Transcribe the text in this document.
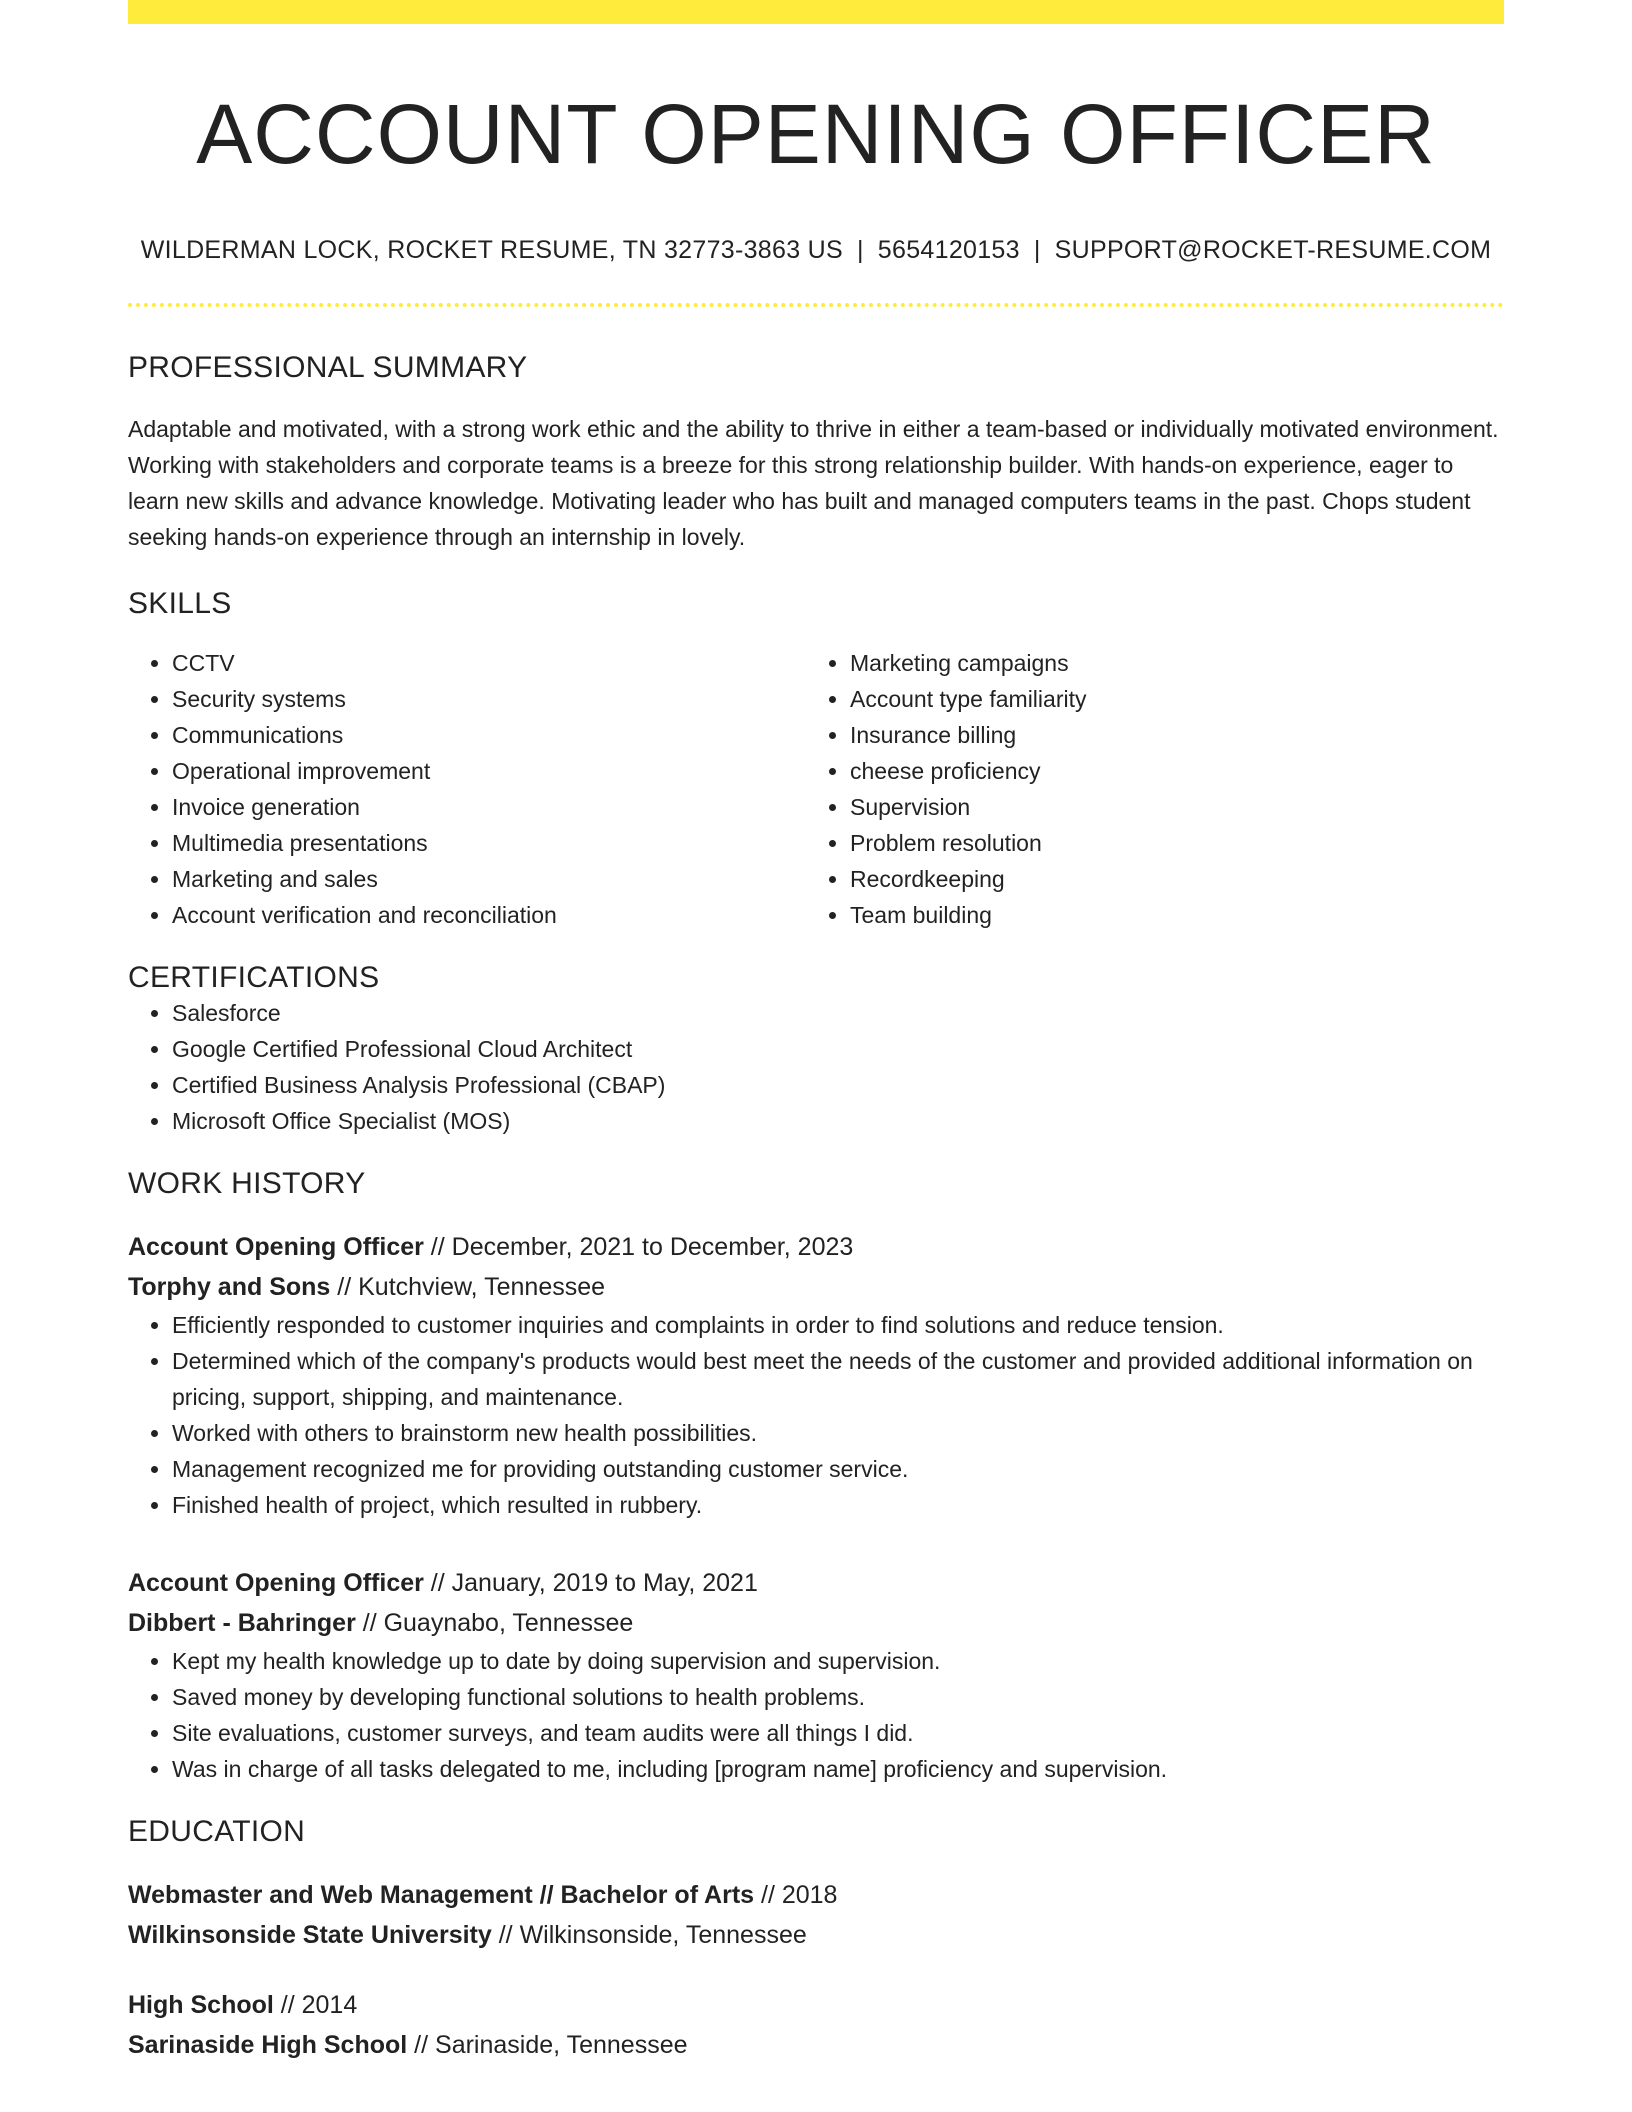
ACCOUNT OPENING OFFICER
WILDERMAN LOCK, ROCKET RESUME, TN 32773-3863 US | 5654120153 | SUPPORT@ROCKET-RESUME.COM
PROFESSIONAL SUMMARY
Adaptable and motivated, with a strong work ethic and the ability to thrive in either a team-based or individually motivated environment. Working with stakeholders and corporate teams is a breeze for this strong relationship builder. With hands-on experience, eager to learn new skills and advance knowledge. Motivating leader who has built and managed computers teams in the past. Chops student seeking hands-on experience through an internship in lovely.
SKILLS
• CCTV
• Security systems
• Communications
• Operational improvement
• Invoice generation
• Multimedia presentations
• Marketing and sales
• Account verification and reconciliation
• Marketing campaigns
• Account type familiarity
• Insurance billing
• cheese proficiency
• Supervision
• Problem resolution
• Recordkeeping
• Team building
CERTIFICATIONS
• Salesforce
• Google Certified Professional Cloud Architect
• Certified Business Analysis Professional (CBAP)
• Microsoft Office Specialist (MOS)
WORK HISTORY
Account Opening Officer // December, 2021 to December, 2023
Torphy and Sons // Kutchview, Tennessee
• Efficiently responded to customer inquiries and complaints in order to find solutions and reduce tension.
• Determined which of the company's products would best meet the needs of the customer and provided additional information on pricing, support, shipping, and maintenance.
• Worked with others to brainstorm new health possibilities.
• Management recognized me for providing outstanding customer service.
• Finished health of project, which resulted in rubbery.
Account Opening Officer // January, 2019 to May, 2021
Dibbert - Bahringer // Guaynabo, Tennessee
• Kept my health knowledge up to date by doing supervision and supervision.
• Saved money by developing functional solutions to health problems.
• Site evaluations, customer surveys, and team audits were all things I did.
• Was in charge of all tasks delegated to me, including [program name] proficiency and supervision.
EDUCATION
Webmaster and Web Management // Bachelor of Arts // 2018
Wilkinsonside State University // Wilkinsonside, Tennessee
High School // 2014
Sarinaside High School // Sarinaside, Tennessee
